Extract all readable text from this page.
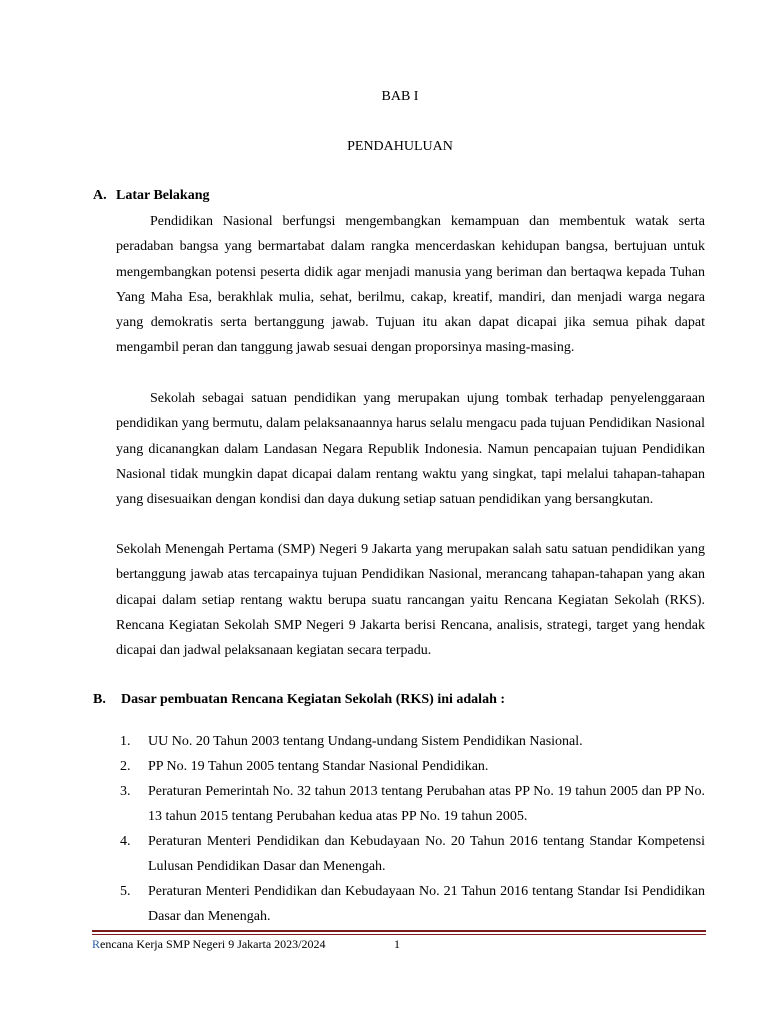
BAB I
PENDAHULUAN
A. Latar Belakang

Pendidikan Nasional berfungsi mengembangkan kemampuan dan membentuk watak serta peradaban bangsa yang bermartabat dalam rangka mencerdaskan kehidupan bangsa, bertujuan untuk mengembangkan potensi peserta didik agar menjadi manusia yang beriman dan bertaqwa kepada Tuhan Yang Maha Esa, berakhlak mulia, sehat, berilmu, cakap, kreatif, mandiri, dan menjadi warga negara yang demokratis serta bertanggung jawab. Tujuan itu akan dapat dicapai jika semua pihak dapat mengambil peran dan tanggung jawab sesuai dengan proporsinya masing-masing.

Sekolah sebagai satuan pendidikan yang merupakan ujung tombak terhadap penyelenggaraan pendidikan yang bermutu, dalam pelaksanaannya harus selalu mengacu pada tujuan Pendidikan Nasional yang dicanangkan dalam Landasan Negara Republik Indonesia. Namun pencapaian tujuan Pendidikan Nasional tidak mungkin dapat dicapai dalam rentang waktu yang singkat, tapi melalui tahapan-tahapan yang disesuaikan dengan kondisi dan daya dukung setiap satuan pendidikan yang bersangkutan.

Sekolah Menengah Pertama (SMP) Negeri 9 Jakarta yang merupakan salah satu satuan pendidikan yang bertanggung jawab atas tercapainya tujuan Pendidikan Nasional, merancang tahapan-tahapan yang akan dicapai dalam setiap rentang waktu berupa suatu rancangan yaitu Rencana Kegiatan Sekolah (RKS). Rencana Kegiatan Sekolah SMP Negeri 9 Jakarta berisi Rencana, analisis, strategi, target yang hendak dicapai dan jadwal pelaksanaan kegiatan secara terpadu.

B. Dasar pembuatan Rencana Kegiatan Sekolah (RKS) ini adalah :
1. UU No. 20 Tahun 2003 tentang Undang-undang Sistem Pendidikan Nasional.
2. PP No. 19 Tahun 2005 tentang Standar Nasional Pendidikan.
3. Peraturan Pemerintah No. 32 tahun 2013 tentang Perubahan atas PP No. 19 tahun 2005 dan PP No. 13 tahun 2015 tentang Perubahan kedua atas PP No. 19 tahun 2005.
4. Peraturan Menteri Pendidikan dan Kebudayaan No. 20 Tahun 2016 tentang Standar Kompetensi Lulusan Pendidikan Dasar dan Menengah.
5. Peraturan Menteri Pendidikan dan Kebudayaan No. 21 Tahun 2016 tentang Standar Isi Pendidikan Dasar dan Menengah.
Rencana Kerja SMP Negeri 9 Jakarta 2023/2024	1
